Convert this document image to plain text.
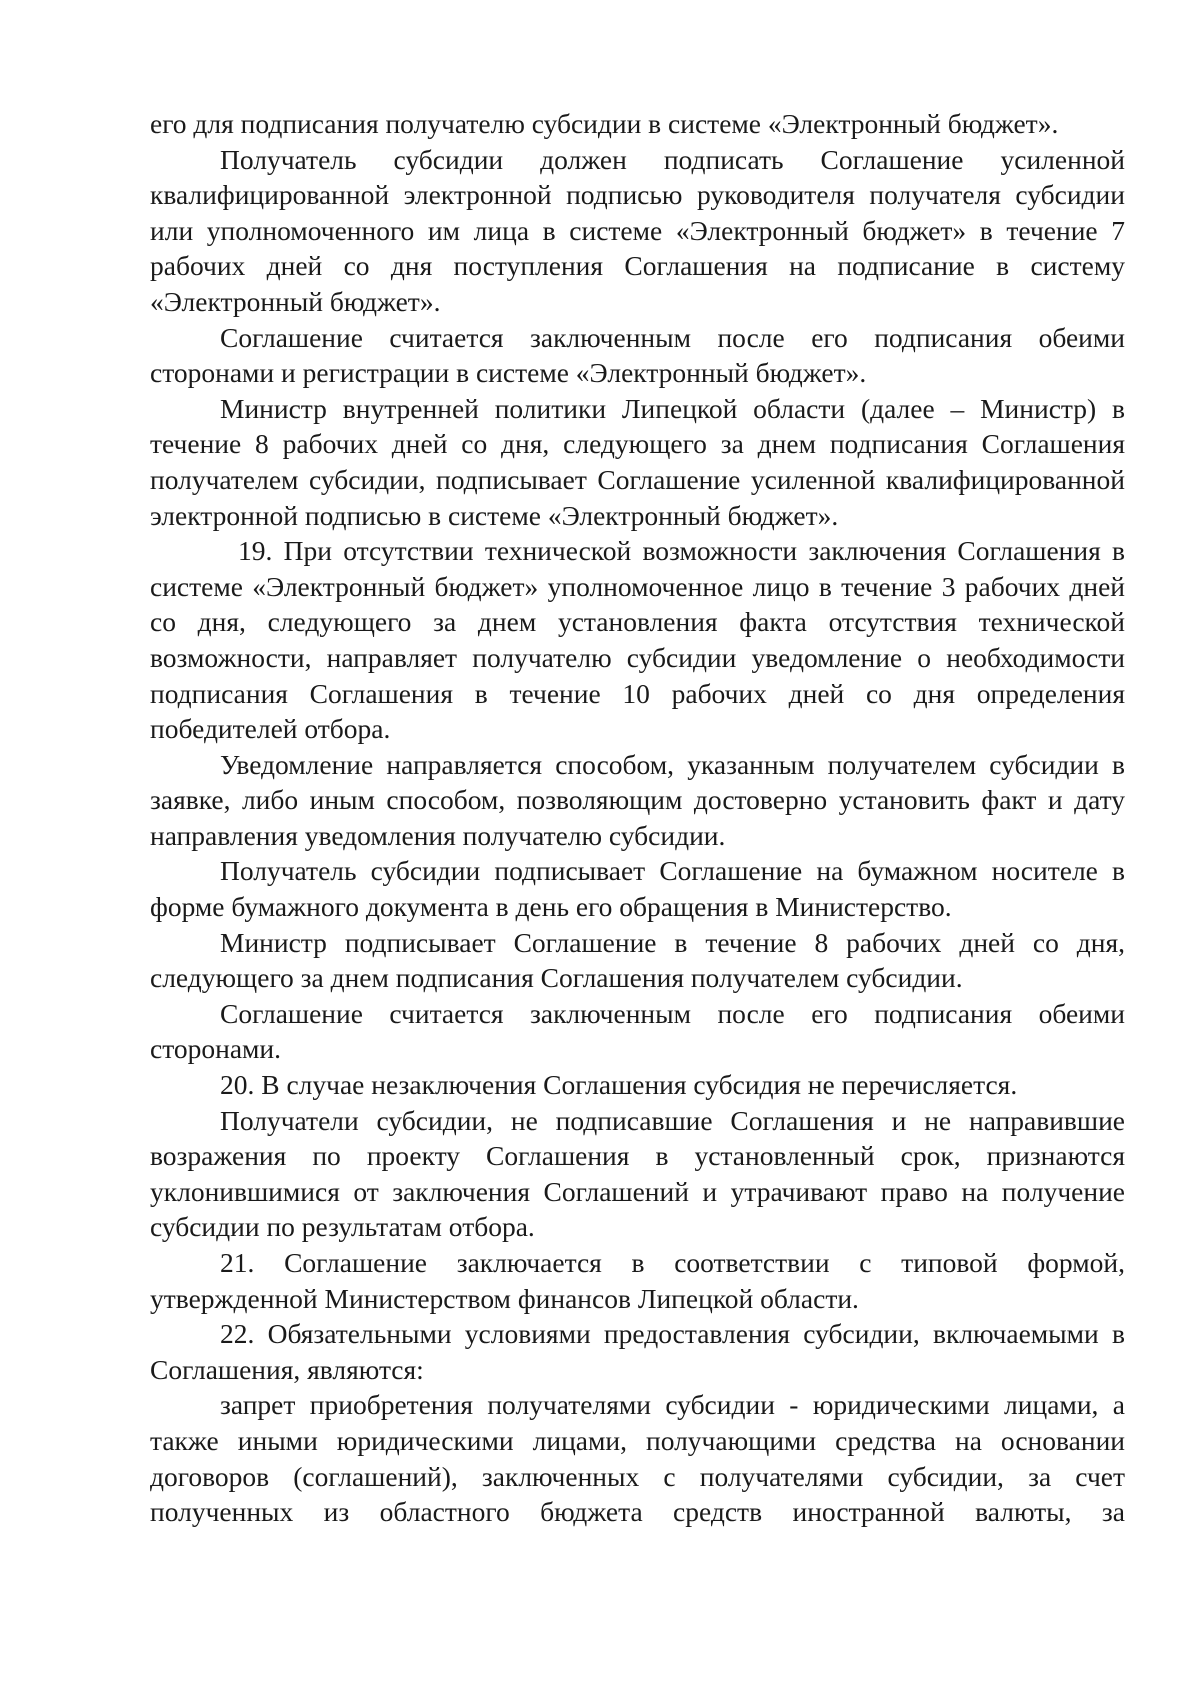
его для подписания получателю субсидии в системе «Электронный бюджет».

Получатель субсидии должен подписать Соглашение усиленной квалифицированной электронной подписью руководителя получателя субсидии или уполномоченного им лица в системе «Электронный бюджет» в течение 7 рабочих дней со дня поступления Соглашения на подписание в систему «Электронный бюджет».

Соглашение считается заключенным после его подписания обеими сторонами и регистрации в системе «Электронный бюджет».

Министр внутренней политики Липецкой области (далее – Министр) в течение 8 рабочих дней со дня, следующего за днем подписания Соглашения получателем субсидии, подписывает Соглашение усиленной квалифицированной электронной подписью в системе «Электронный бюджет».

19. При отсутствии технической возможности заключения Соглашения в системе «Электронный бюджет» уполномоченное лицо в течение 3 рабочих дней со дня, следующего за днем установления факта отсутствия технической возможности, направляет получателю субсидии уведомление о необходимости подписания Соглашения в течение 10 рабочих дней со дня определения победителей отбора.

Уведомление направляется способом, указанным получателем субсидии в заявке, либо иным способом, позволяющим достоверно установить факт и дату направления уведомления получателю субсидии.

Получатель субсидии подписывает Соглашение на бумажном носителе в форме бумажного документа в день его обращения в Министерство.

Министр подписывает Соглашение в течение 8 рабочих дней со дня, следующего за днем подписания Соглашения получателем субсидии.

Соглашение считается заключенным после его подписания обеими сторонами.

20. В случае незаключения Соглашения субсидия не перечисляется.

Получатели субсидии, не подписавшие Соглашения и не направившие возражения по проекту Соглашения в установленный срок, признаются уклонившимися от заключения Соглашений и утрачивают право на получение субсидии по результатам отбора.

21. Соглашение заключается в соответствии с типовой формой, утвержденной Министерством финансов Липецкой области.

22. Обязательными условиями предоставления субсидии, включаемыми в Соглашения, являются:

запрет приобретения получателями субсидии - юридическими лицами, а также иными юридическими лицами, получающими средства на основании договоров (соглашений), заключенных с получателями субсидии, за счет полученных из областного бюджета средств иностранной валюты, за
